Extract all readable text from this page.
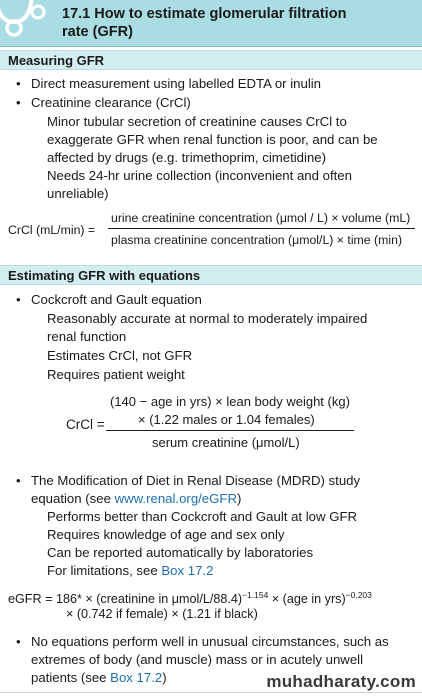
17.1 How to estimate glomerular filtration
rate (GFR)
Measuring GFR
• Direct measurement using labelled EDTA or inulin
• Creatinine clearance (CrCl)
Minor tubular secretion of creatinine causes CrCl to
exaggerate GFR when renal function is poor, and can be
affected by drugs (e.g. trimethoprim, cimetidine)
Needs 24-hr urine collection (inconvenient and often
unreliable)
CrCl (mL/min) =
urine creatinine concentration (μmol / L) × volume (mL)
plasma creatinine concentration (μmol/L) × time (min)
Estimating GFR with equations
• Cockcroft and Gault equation
Reasonably accurate at normal to moderately impaired
renal function
Estimates CrCl, not GFR
Requires patient weight
CrCl =
(140 − age in yrs) × lean body weight (kg)
× (1.22 males or 1.04 females)
serum creatinine (μmol/L)
• The Modification of Diet in Renal Disease (MDRD) study
equation (see www.renal.org/eGFR)
Performs better than Cockcroft and Gault at low GFR
Requires knowledge of age and sex only
Can be reported automatically by laboratories
For limitations, see Box 17.2
eGFR = 186* × (creatinine in μmol/L/88.4)$^{-1.154}$ × (age in yrs)$^{-0.203}$
× (0.742 if female) × (1.21 if black)
• No equations perform well in unusual circumstances, such as
extremes of body (and muscle) mass or in acutely unwell
patients (see Box 17.2)	muhadharaty.com
